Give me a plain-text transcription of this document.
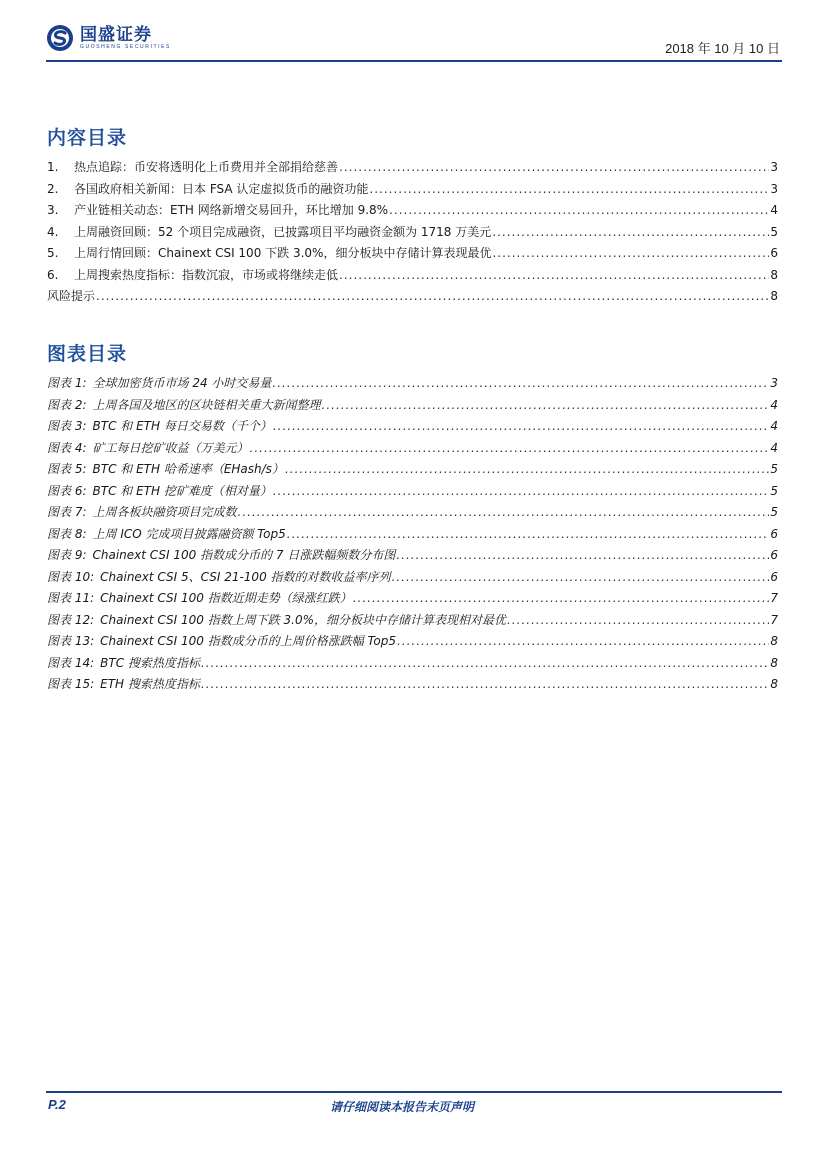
国盛证券
GUOSHENG SECURITIES	2018 年 10 月 10 日
内容目录
1.	热点追踪：币安将透明化上币费用并全部捐给慈善 .....	3
2.	各国政府相关新闻：日本 FSA 认定虚拟货币的融资功能 .....	3
3.	产业链相关动态：ETH 网络新增交易回升，环比增加 9.8% .....	4
4.	上周融资回顾：52 个项目完成融资，已披露项目平均融资金额为 1718 万美元 .....	5
5.	上周行情回顾：Chainext CSI 100 下跌 3.0%，细分板块中存储计算表现最优 .....	6
6.	上周搜索热度指标：指数沉寂，市场或将继续走低 .....	8
风险提示 .....	8
图表目录
图表 1: 全球加密货币市场 24 小时交易量 .....	3
图表 2: 上周各国及地区的区块链相关重大新闻整理 .....	4
图表 3: BTC 和 ETH 每日交易数（千个） .....	4
图表 4: 矿工每日挖矿收益（万美元） .....	4
图表 5: BTC 和 ETH 哈希速率（EHash/s） .....	5
图表 6: BTC 和 ETH 挖矿难度（相对量） .....	5
图表 7: 上周各板块融资项目完成数 .....	5
图表 8: 上周 ICO 完成项目披露融资额 Top5 .....	6
图表 9: Chainext CSI 100 指数成分币的 7 日涨跌幅频数分布图 .....	6
图表 10: Chainext CSI 5、CSI 21-100 指数的对数收益率序列 .....	6
图表 11: Chainext CSI 100 指数近期走势（绿涨红跌） .....	7
图表 12: Chainext CSI 100 指数上周下跌 3.0%，细分板块中存储计算表现相对最优 .....	7
图表 13: Chainext CSI 100 指数成分币的上周价格涨跌幅 Top5 .....	8
图表 14: BTC 搜索热度指标 .....	8
图表 15: ETH 搜索热度指标 .....	8
P.2	请仔细阅读本报告末页声明
